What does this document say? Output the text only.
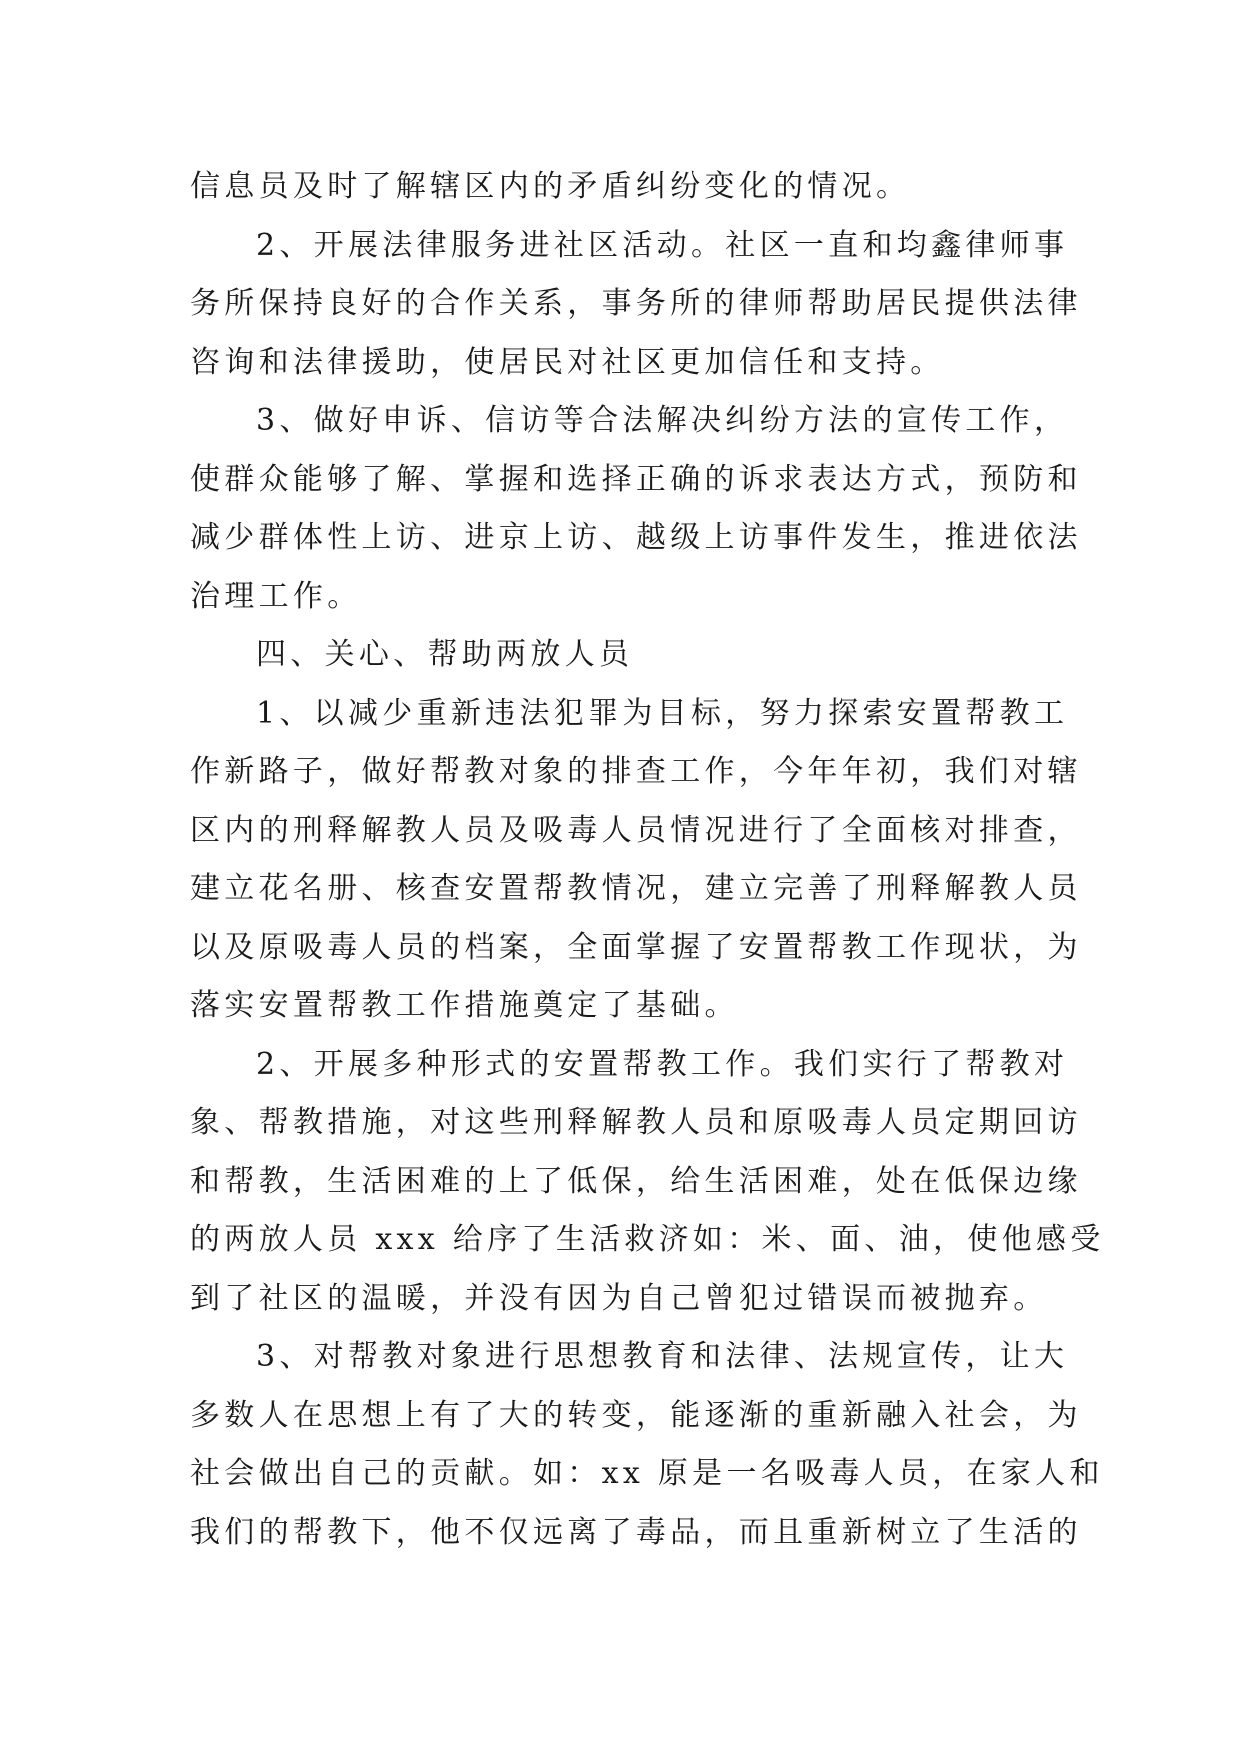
信息员及时了解辖区内的矛盾纠纷变化的情况。
2、开展法律服务进社区活动。社区一直和均鑫律师事
务所保持良好的合作关系，事务所的律师帮助居民提供法律
咨询和法律援助，使居民对社区更加信任和支持。
3、做好申诉、信访等合法解决纠纷方法的宣传工作，
使群众能够了解、掌握和选择正确的诉求表达方式，预防和
减少群体性上访、进京上访、越级上访事件发生，推进依法
治理工作。
四、关心、帮助两放人员
1、以减少重新违法犯罪为目标，努力探索安置帮教工
作新路子，做好帮教对象的排查工作，今年年初，我们对辖
区内的刑释解教人员及吸毒人员情况进行了全面核对排查，
建立花名册、核查安置帮教情况，建立完善了刑释解教人员
以及原吸毒人员的档案，全面掌握了安置帮教工作现状，为
落实安置帮教工作措施奠定了基础。
2、开展多种形式的安置帮教工作。我们实行了帮教对
象、帮教措施，对这些刑释解教人员和原吸毒人员定期回访
和帮教，生活困难的上了低保，给生活困难，处在低保边缘
的两放人员 xxx 给序了生活救济如：米、面、油，使他感受
到了社区的温暖，并没有因为自己曾犯过错误而被抛弃。
3、对帮教对象进行思想教育和法律、法规宣传，让大
多数人在思想上有了大的转变，能逐渐的重新融入社会，为
社会做出自己的贡献。如：xx 原是一名吸毒人员，在家人和
我们的帮教下，他不仅远离了毒品，而且重新树立了生活的
